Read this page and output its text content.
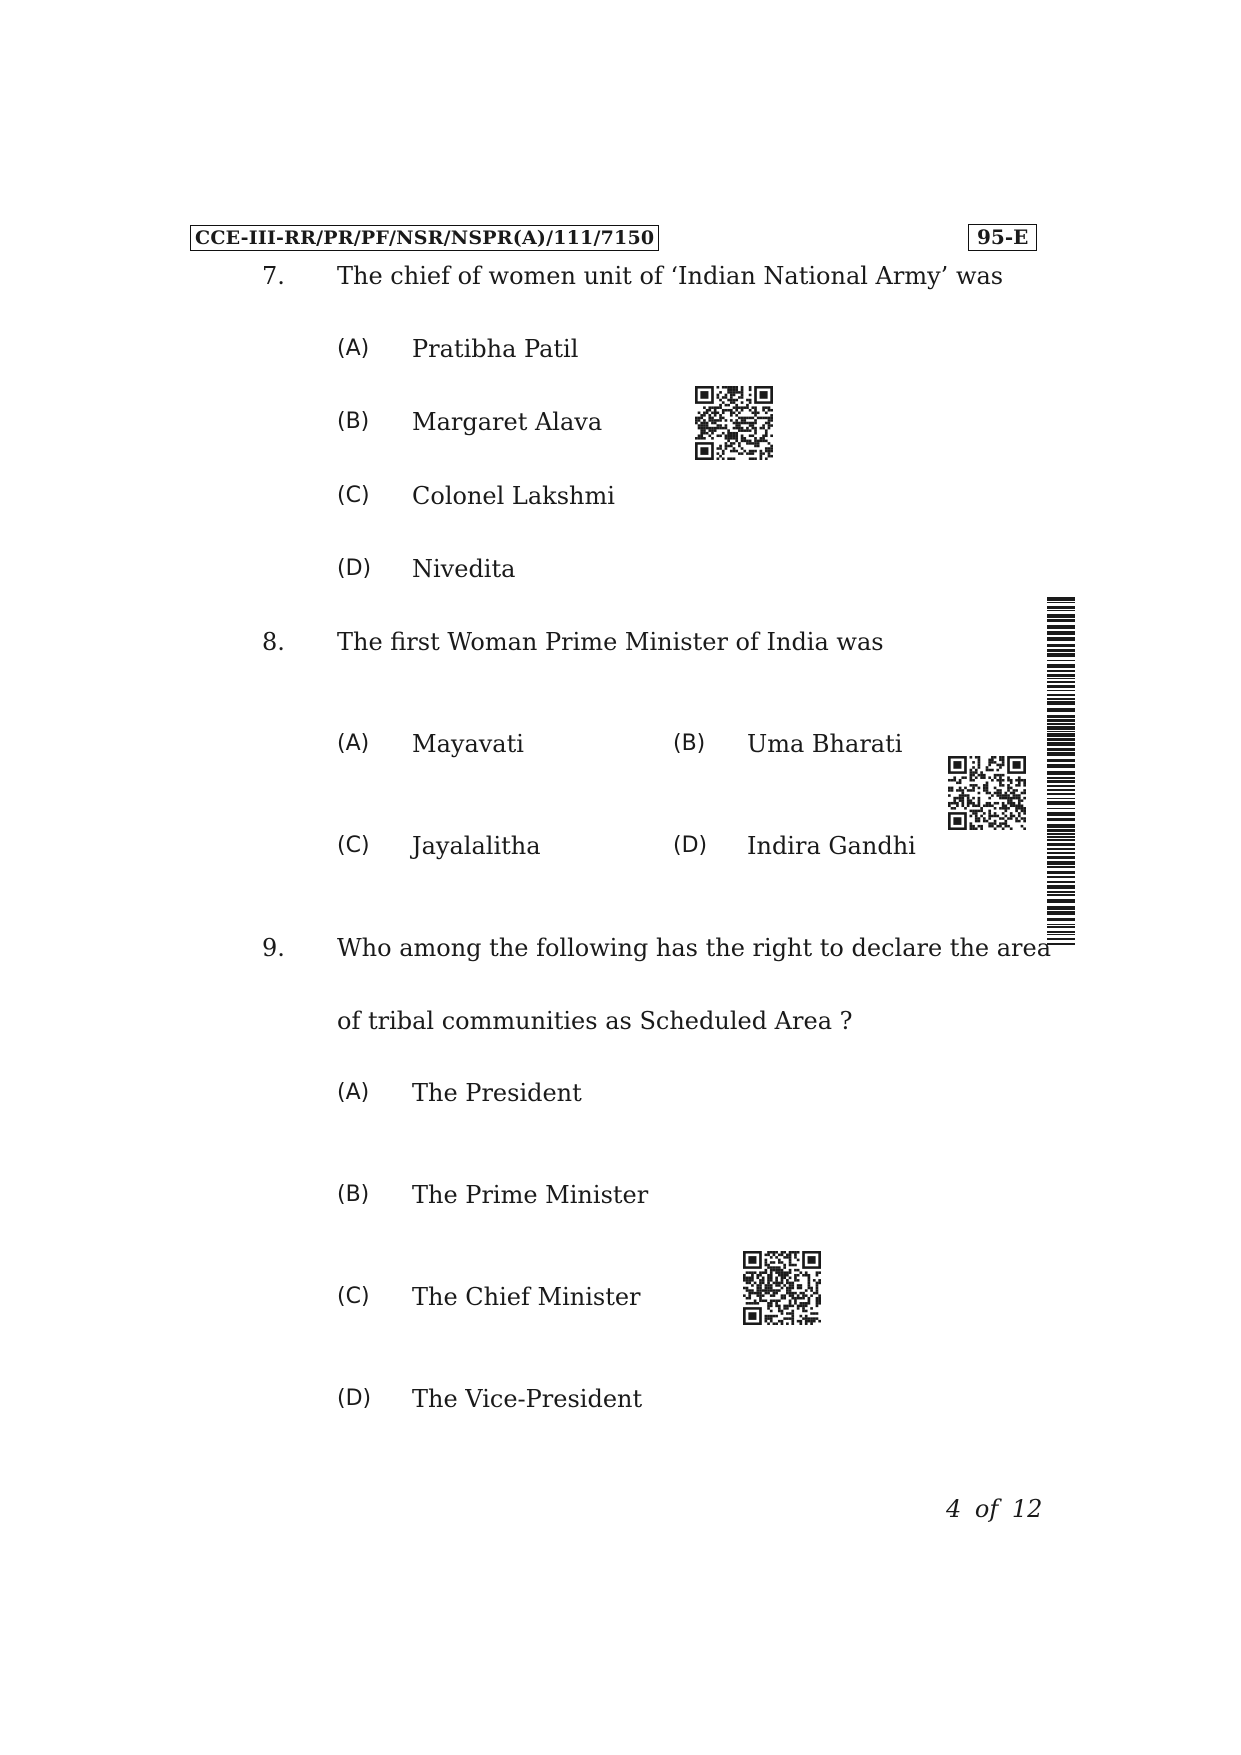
CCE-III-RR/PR/PF/NSR/NSPR(A)/111/7150	95-E
7. The chief of women unit of ‘Indian National Army’ was
(A) Pratibha Patil
(B) Margaret Alava
(C) Colonel Lakshmi
(D) Nivedita
8. The first Woman Prime Minister of India was
(A) Mayavati	(B) Uma Bharati
(C) Jayalalitha	(D) Indira Gandhi
9. Who among the following has the right to declare the area
of tribal communities as Scheduled Area ?
(A) The President
(B) The Prime Minister
(C) The Chief Minister
(D) The Vice-President
4 of 12
